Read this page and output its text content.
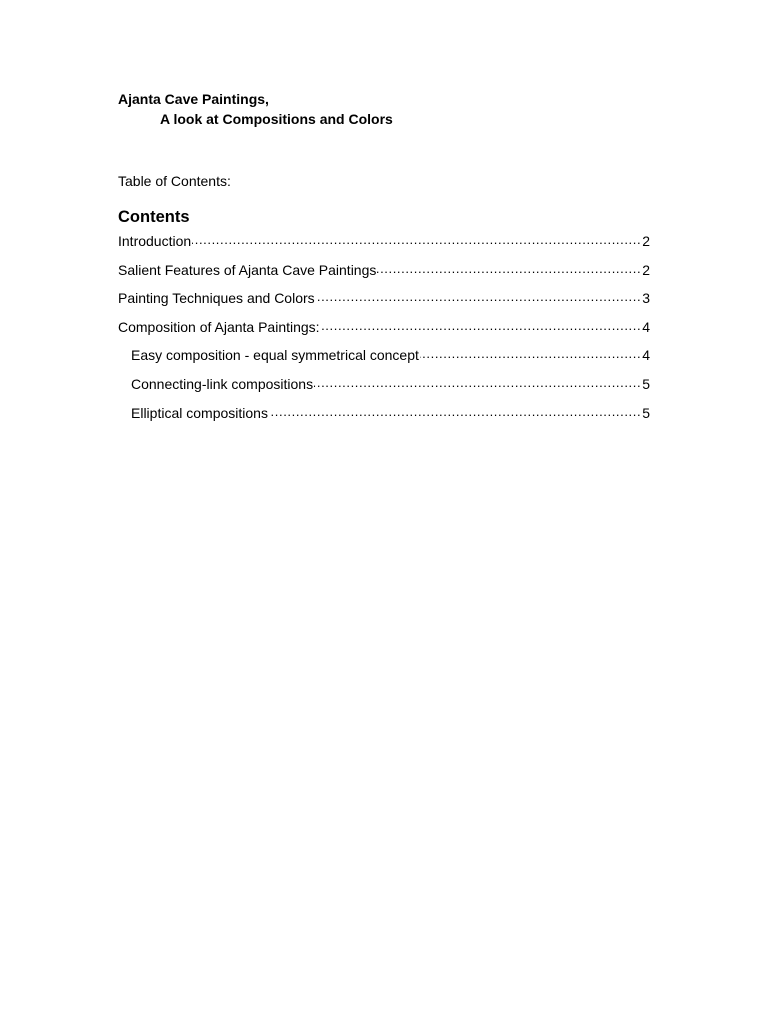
Ajanta Cave Paintings,
A look at Compositions and Colors
Table of Contents:
Contents
Introduction .....	2
Salient Features of Ajanta Cave Paintings .....	2
Painting Techniques and Colors .....	3
Composition of Ajanta Paintings: .....	4
Easy composition - equal symmetrical concept .....	4
Connecting-link compositions .....	5
Elliptical compositions .....	5
